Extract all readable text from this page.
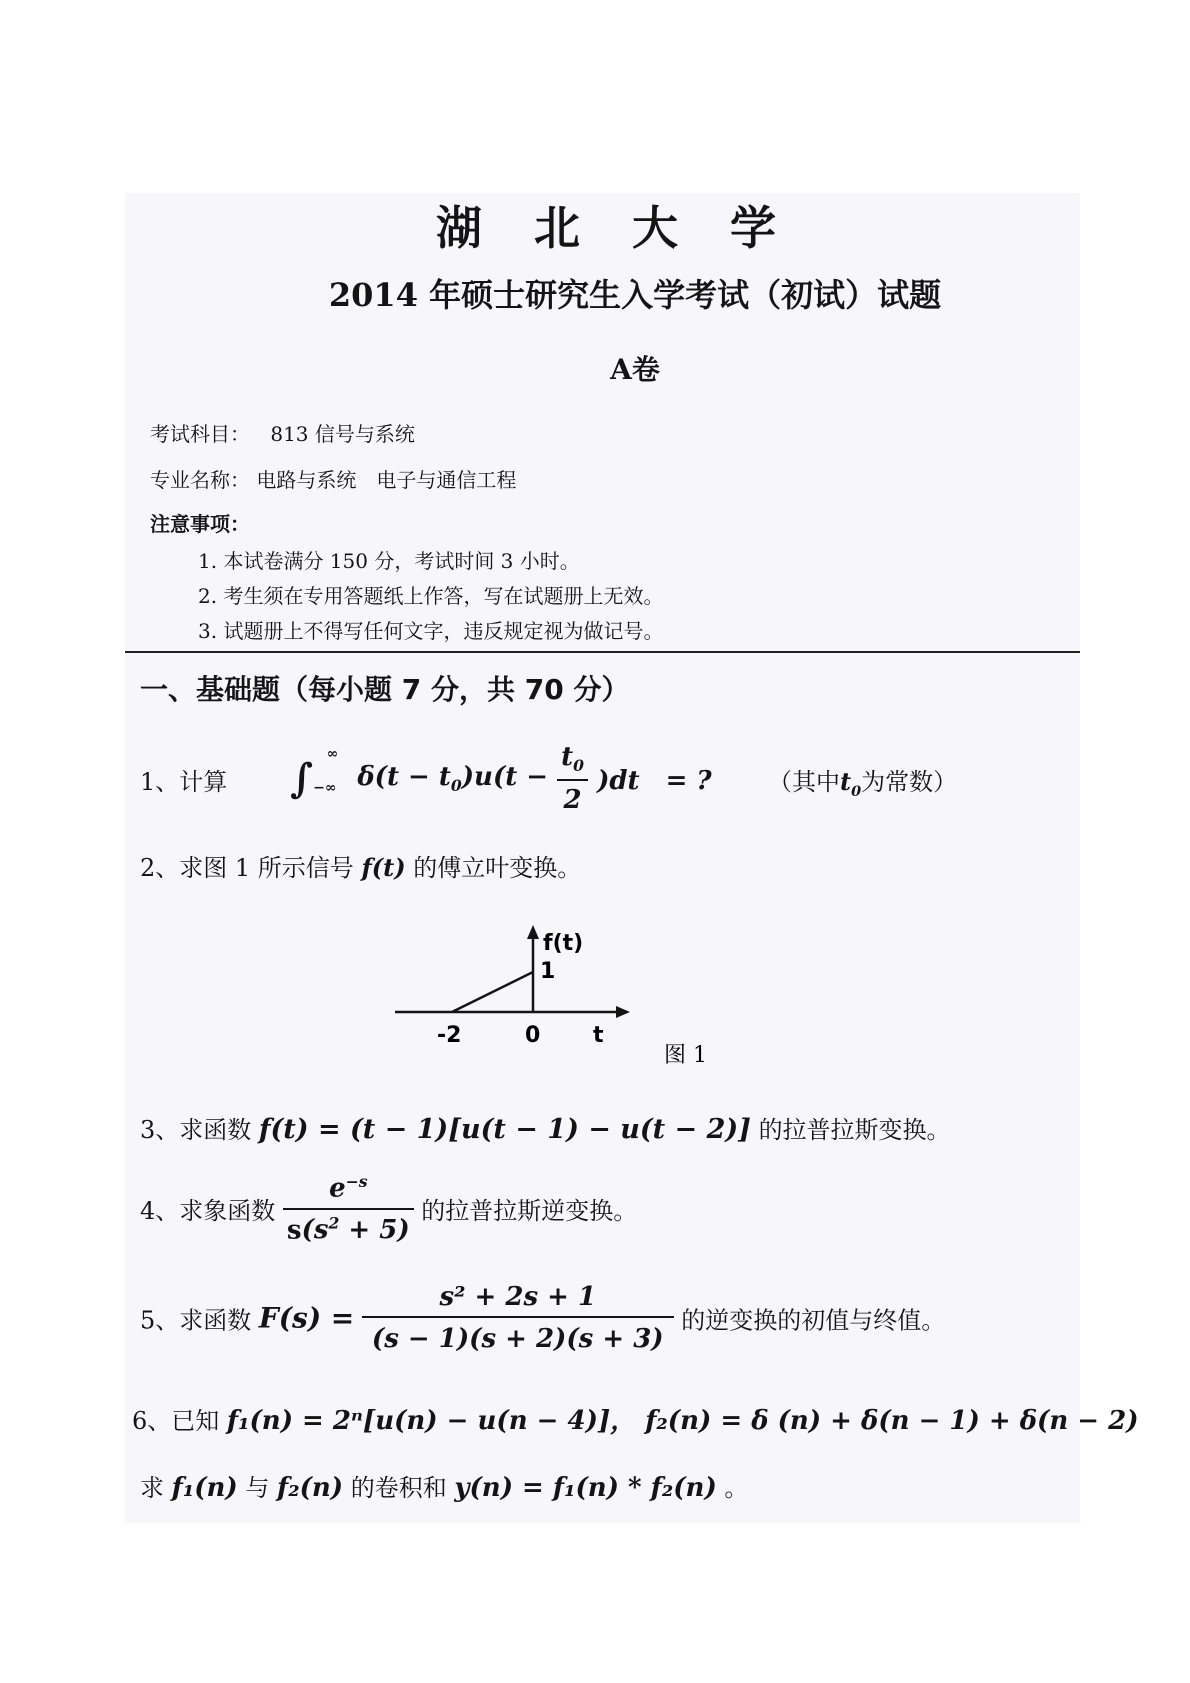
湖 北 大 学
2014 年硕士研究生入学考试（初试）试题
A卷
考试科目： 813 信号与系统
专业名称： 电路与系统　电子与通信工程
注意事项：
1. 本试卷满分 150 分，考试时间 3 小时。
2. 考生须在专用答题纸上作答，写在试题册上无效。
3. 试题册上不得写任何文字，违反规定视为做记号。
一、基础题（每小题 7 分，共 70 分）
1、计算 $\int_{-\infty}^\infty$ $\delta(t - t_0)u(t - \frac{t_0}{2} )dt$　= ? （其中$t_0$为常数）
2、求图 1 所示信号 f(t) 的傅立叶变换。
f(t)
1
-2	0 t
图 1
3、求函数 f(t) = (t − 1)[u(t − 1) − u(t − 2)] 的拉普拉斯变换。
4、求象函数 $\frac{e^{-s}}{s(s^2 + 5)}$ 的拉普拉斯逆变换。
5、求函数 $F(s) = \frac{\text{s² + 2s + 1}}{(s - 1)(s + 2)(s + 3)}$ 的逆变换的初值与终值。
6、已知 f₁(n) = 2ⁿ[u(n) − u(n − 4)]， f₂(n) = δ (n) + δ(n − 1) + δ(n − 2)
求 f₁(n) 与 f₂(n) 的卷积和 y(n) = f₁(n) * f₂(n) 。
